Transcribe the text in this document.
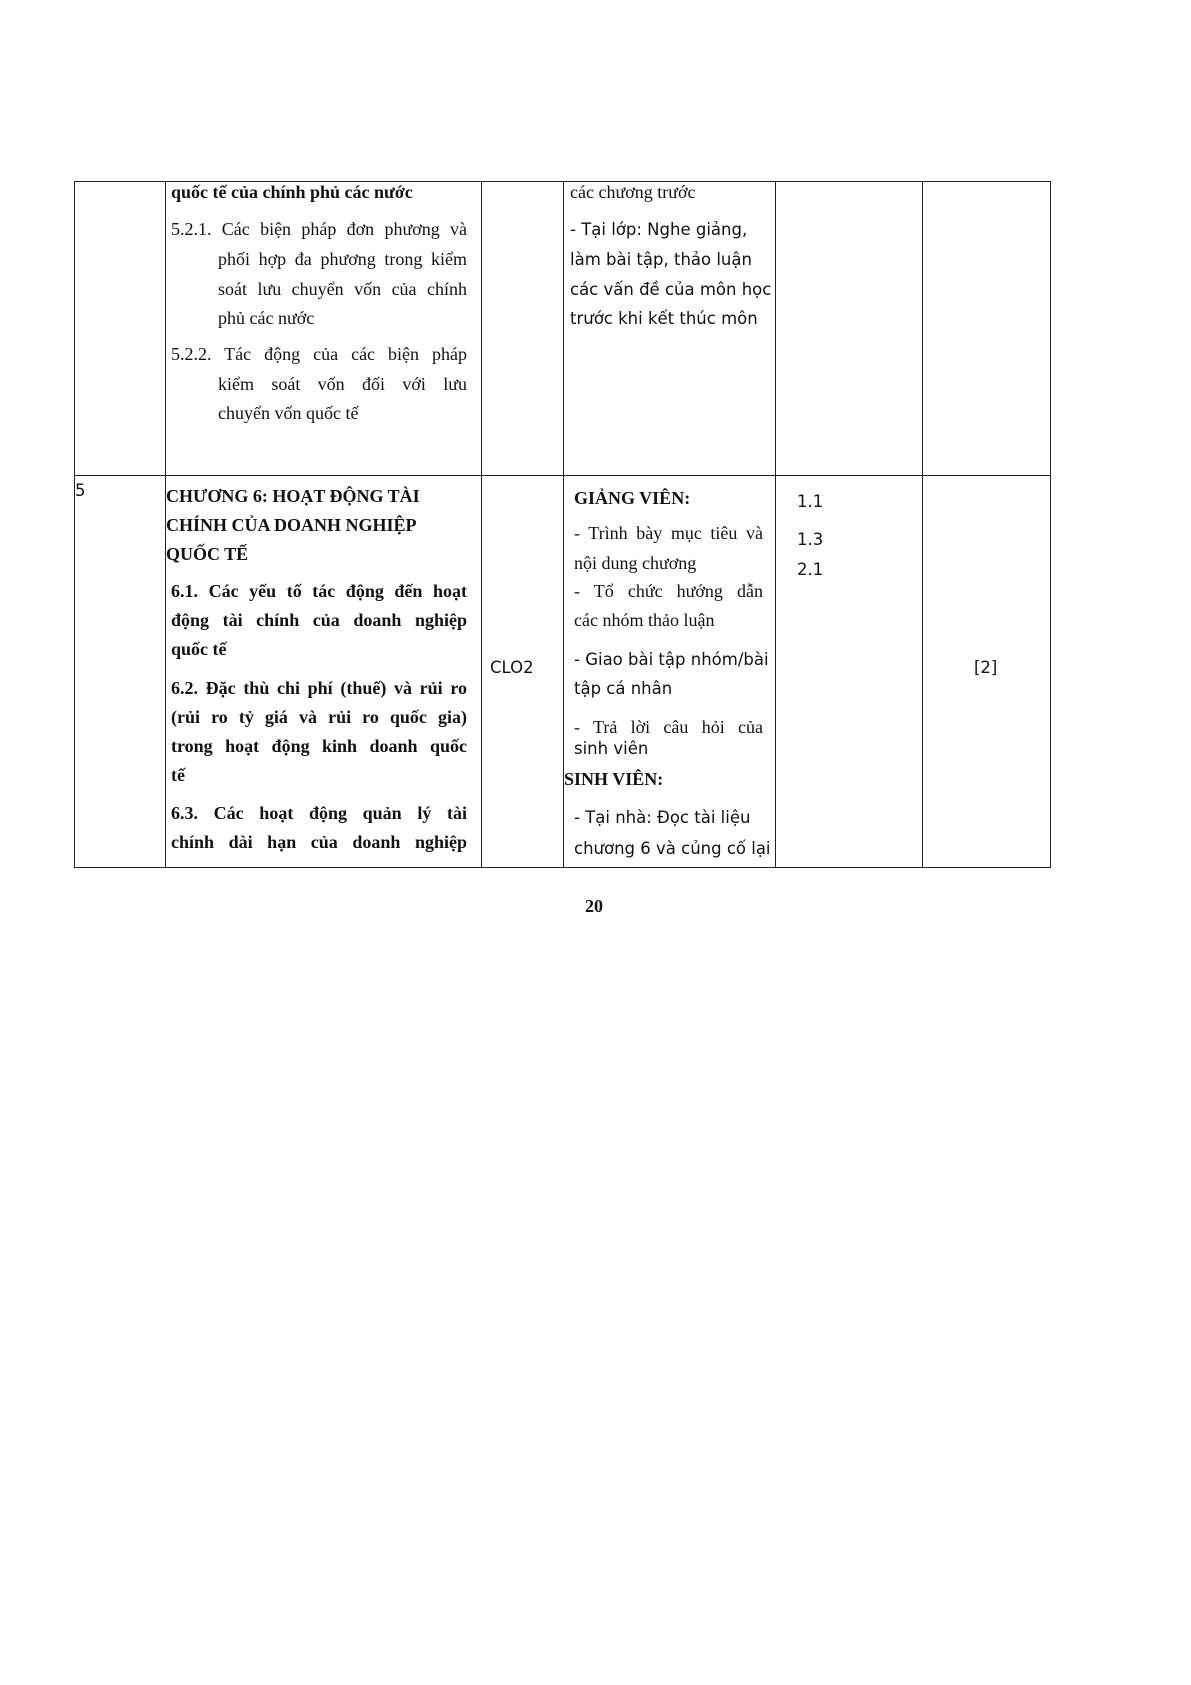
quốc tế của chính phủ các nước
5.2.1. Các biện pháp đơn phương và
phối hợp đa phương trong kiểm
soát lưu chuyển vốn của chính
phủ các nước
5.2.2. Tác động của các biện pháp
kiểm soát vốn đối với lưu
chuyển vốn quốc tế
các chương trước
- Tại lớp: Nghe giảng,
làm bài tập, thảo luận
các vấn đề của môn học
trước khi kết thúc môn
5	CHƯƠNG 6: HOẠT ĐỘNG TÀI
CHÍNH CỦA DOANH NGHIỆP
QUỐC TẾ
6.1. Các yếu tố tác động đến hoạt
động tài chính của doanh nghiệp
quốc tế
6.2. Đặc thù chi phí (thuế) và rủi ro
(rủi ro tỷ giá và rủi ro quốc gia)
trong hoạt động kinh doanh quốc
tế
6.3. Các hoạt động quản lý tài
chính dài hạn của doanh nghiệp
CLO2
GIẢNG VIÊN:
- Trình bày mục tiêu và
nội dung chương
- Tổ chức hướng dẫn
các nhóm thảo luận
- Giao bài tập nhóm/bài
tập cá nhân
- Trả lời câu hỏi của
sinh viên
SINH VIÊN:
- Tại nhà: Đọc tài liệu
chương 6 và củng cố lại
1.1
1.3
2.1
[2]
20
